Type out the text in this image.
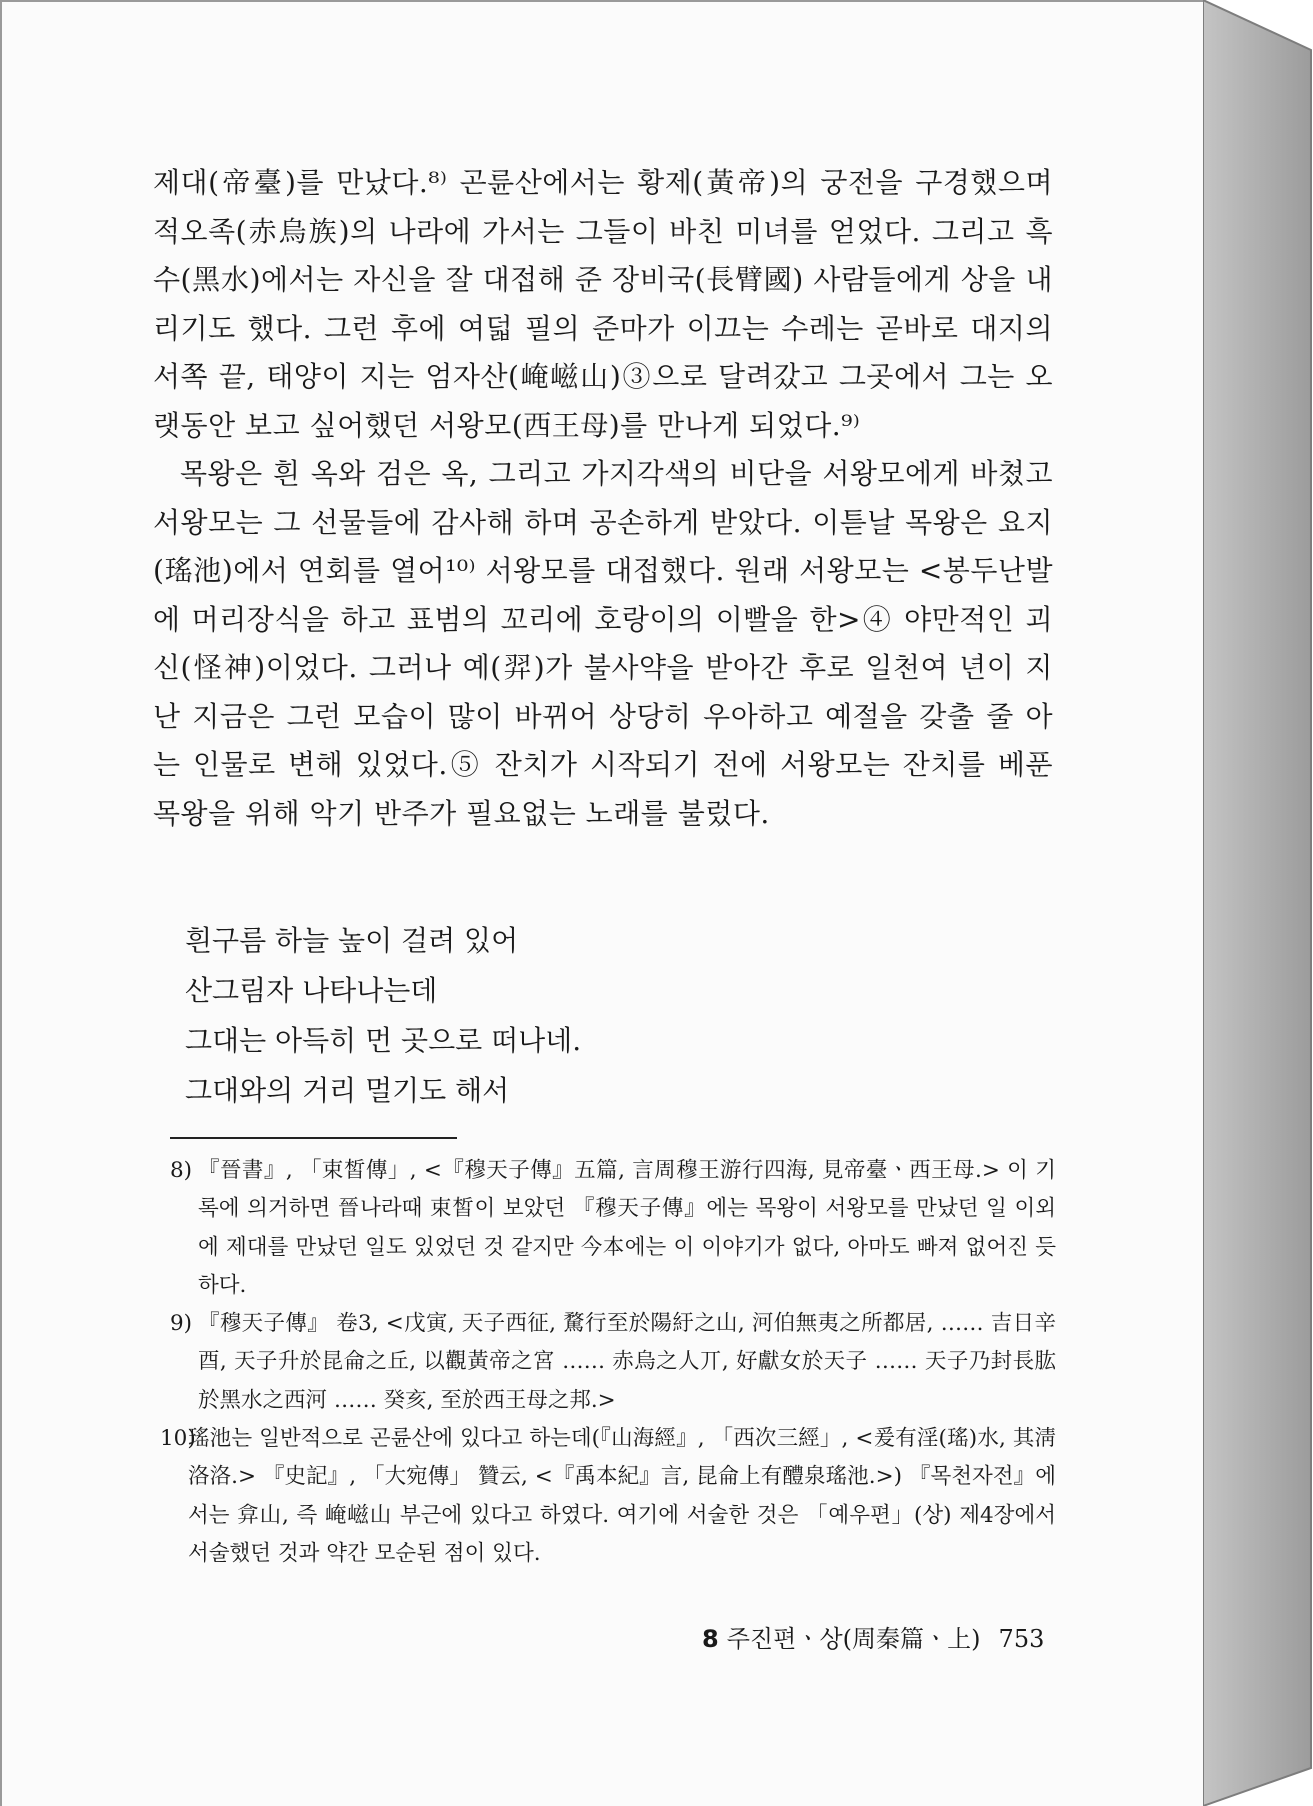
제대(帝臺)를 만났다.⁸⁾ 곤륜산에서는 황제(黃帝)의 궁전을 구경했으며 적오족(赤烏族)의 나라에 가서는 그들이 바친 미녀를 얻었다. 그리고 흑수(黑水)에서는 자신을 잘 대접해 준 장비국(長臂國) 사람들에게 상을 내리기도 했다. 그런 후에 여덟 필의 준마가 이끄는 수레는 곧바로 대지의 서쪽 끝, 태양이 지는 엄자산(崦嵫山)③으로 달려갔고 그곳에서 그는 오랫동안 보고 싶어했던 서왕모(西王母)를 만나게 되었다.⁹⁾

목왕은 흰 옥와 검은 옥, 그리고 가지각색의 비단을 서왕모에게 바쳤고 서왕모는 그 선물들에 감사해 하며 공손하게 받았다. 이튿날 목왕은 요지(瑤池)에서 연회를 열어¹⁰⁾ 서왕모를 대접했다. 원래 서왕모는 <봉두난발에 머리장식을 하고 표범의 꼬리에 호랑이의 이빨을 한>④ 야만적인 괴신(怪神)이었다. 그러나 예(羿)가 불사약을 받아간 후로 일천여 년이 지난 지금은 그런 모습이 많이 바뀌어 상당히 우아하고 예절을 갖출 줄 아는 인물로 변해 있었다.⑤ 잔치가 시작되기 전에 서왕모는 잔치를 베푼 목왕을 위해 악기 반주가 필요없는 노래를 불렀다.

흰구름 하늘 높이 걸려 있어
산그림자 나타나는데
그대는 아득히 먼 곳으로 떠나네.
그대와의 거리 멀기도 해서
8) 『晉書』, 「束皙傳」, <『穆天子傳』五篇, 言周穆王游行四海, 見帝臺ㆍ西王母.> 이 기록에 의거하면 晉나라때 束皙이 보았던 『穆天子傳』에는 목왕이 서왕모를 만났던 일 이외에 제대를 만났던 일도 있었던 것 같지만 今本에는 이 이야기가 없다, 아마도 빠져 없어진 듯하다.
9) 『穆天子傳』 卷3, <戊寅, 天子西征, 騖行至於陽紆之山, 河伯無夷之所都居, …… 吉日辛酉, 天子升於昆侖之丘, 以觀黃帝之宮 …… 赤烏之人丌, 好獻女於天子 …… 天子乃封長肱於黑水之西河 …… 癸亥, 至於西王母之邦.>
10)
瑤池는 일반적으로 곤륜산에 있다고 하는데(『山海經』, 「西次三經」, <爰有淫(瑤)水, 其淸洛洛.> 『史記』, 「大宛傳」 贊云, <『禹本紀』言, 昆侖上有醴泉瑤池.>) 『목천자전』에서는 弇山, 즉 崦嵫山 부근에 있다고 하였다. 여기에 서술한 것은 「예우편」(상) 제4장에서 서술했던 것과 약간 모순된 점이 있다.
8 주진편ㆍ상(周秦篇ㆍ上) 753
